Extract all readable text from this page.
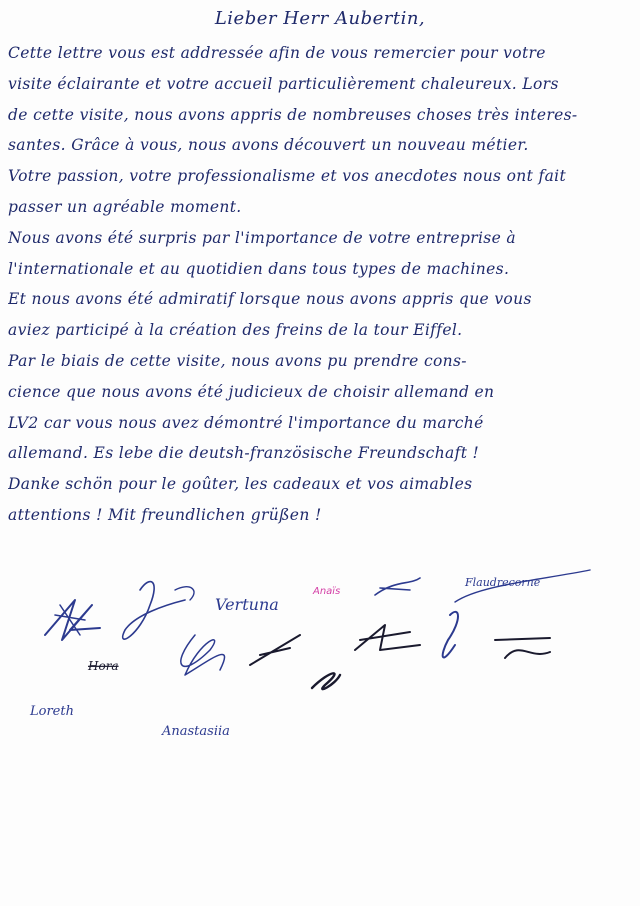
Lieber Herr Aubertin,
Cette lettre vous est addressée afin de vous remercier pour votre
visite éclairante et votre accueil particulièrement chaleureux. Lors
de cette visite, nous avons appris de nombreuses choses très interes-
santes. Grâce à vous, nous avons découvert un nouveau métier.
Votre passion, votre professionalisme et vos anecdotes nous ont fait
passer un agréable moment.
Nous avons été surpris par l'importance de votre entreprise à
l'internationale et au quotidien dans tous types de machines.
Et nous avons été admiratif lorsque nous avons appris que vous
aviez participé à la création des freins de la tour Eiffel.
Par le biais de cette visite, nous avons pu prendre cons-
cience que nous avons été judicieux de choisir allemand en
LV2 car vous nous avez démontré l'importance du marché
allemand. Es lebe die deutsh-französische Freundschaft !
Danke schön pour le goûter, les cadeaux et vos aimables
attentions ! Mit freundlichen grüßen !
Anaïs
Flaudrecorne
Loreth
Anastasiia
Vertuna
Hora
